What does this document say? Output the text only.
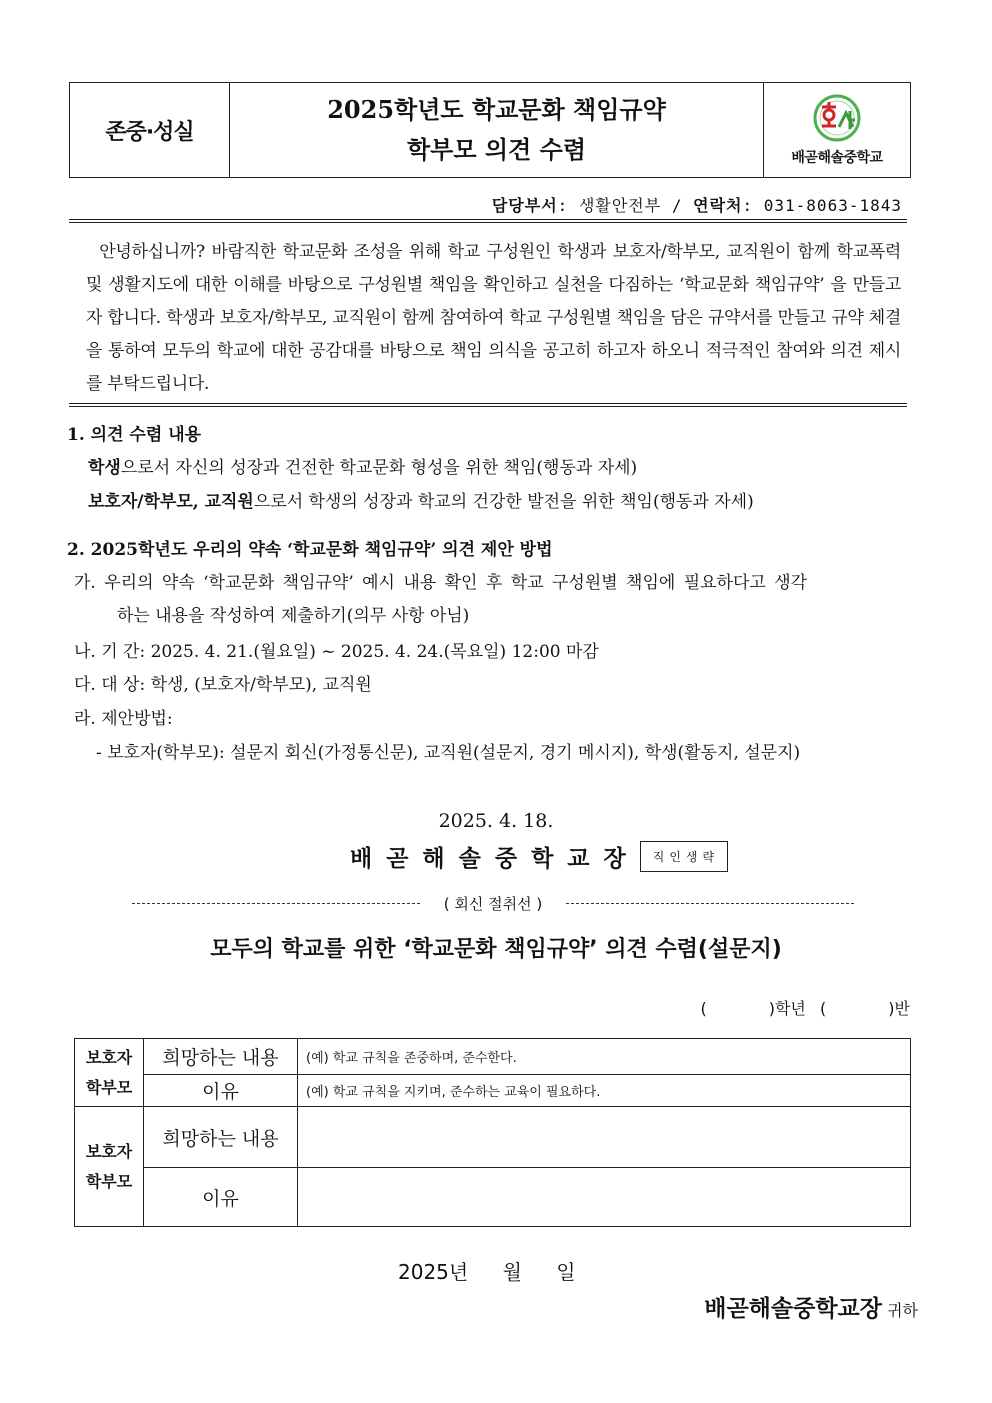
존중·성실
2025학년도 학교문화 책임규약
학부모 의견 수렴	배곧해솔중학교
담당부서: 생활안전부 / 연락처: 031-8063-1843
안녕하십니까? 바람직한 학교문화 조성을 위해 학교 구성원인 학생과 보호자/학부모, 교직원이 함께 학교폭력 및 생활지도에 대한 이해를 바탕으로 구성원별 책임을 확인하고 실천을 다짐하는 ‘학교문화 책임규약’ 을 만들고자 합니다. 학생과 보호자/학부모, 교직원이 함께 참여하여 학교 구성원별 책임을 담은 규약서를 만들고 규약 체결을 통하여 모두의 학교에 대한 공감대를 바탕으로 책임 의식을 공고히 하고자 하오니 적극적인 참여와 의견 제시를 부탁드립니다.
1. 의견 수렴 내용
학생으로서 자신의 성장과 건전한 학교문화 형성을 위한 책임(행동과 자세)
보호자/학부모, 교직원으로서 학생의 성장과 학교의 건강한 발전을 위한 책임(행동과 자세)
2. 2025학년도 우리의 약속 ‘학교문화 책임규약’ 의견 제안 방법
가. 우리의 약속 ‘학교문화 책임규약’ 예시 내용 확인 후 학교 구성원별 책임에 필요하다고 생각
하는 내용을 작성하여 제출하기(의무 사항 아님)
나. 기 간: 2025. 4. 21.(월요일) ~ 2025. 4. 24.(목요일) 12:00 마감
다. 대 상: 학생, (보호자/학부모), 교직원
라. 제안방법:
- 보호자(학부모): 설문지 회신(가정통신문), 교직원(설문지, 경기 메시지), 학생(활동지, 설문지)
2025. 4. 18.
배곧해솔중학교장	직인생략
( 회신 절취선 )
모두의 학교를 위한 ‘학교문화 책임규약’ 의견 수렴(설문지)
(	)학년 (	)반
보호자
학부모	희망하는 내용	(예) 학교 규칙을 존중하며, 준수한다.
	이유	(예) 학교 규칙을 지키며, 준수하는 교육이 필요하다.
보호자
학부모	희망하는 내용	
	이유	
2025년 월 일
배곧해솔중학교장 귀하
